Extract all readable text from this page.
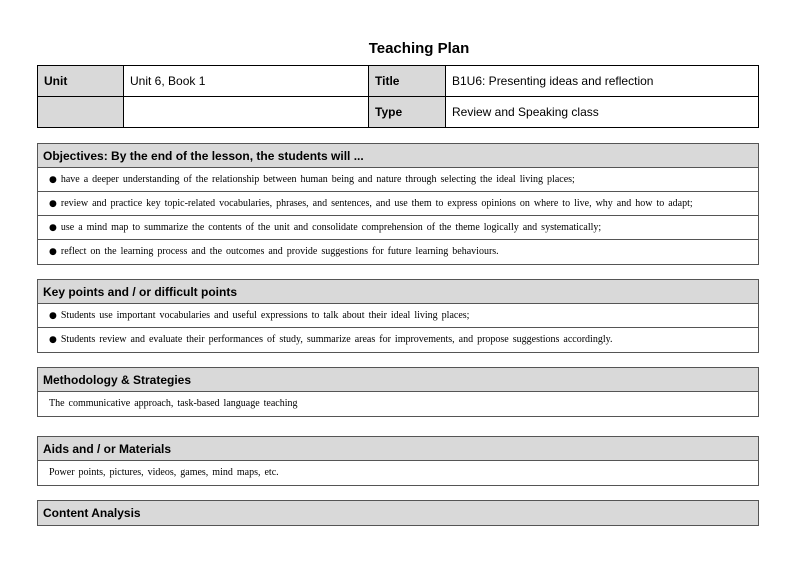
Teaching Plan
Unit	Unit 6, Book 1	Title	B1U6: Presenting ideas and reflection
		Type	Review and Speaking class
Objectives: By the end of the lesson, the students will ...
● have a deeper understanding of the relationship between human being and nature through selecting the ideal living places;
● review and practice key topic-related vocabularies, phrases, and sentences, and use them to express opinions on where to live, why and how to adapt;
● use a mind map to summarize the contents of the unit and consolidate comprehension of the theme logically and systematically;
● reflect on the learning process and the outcomes and provide suggestions for future learning behaviours.
Key points and / or difficult points
● Students use important vocabularies and useful expressions to talk about their ideal living places;
● Students review and evaluate their performances of study, summarize areas for improvements, and propose suggestions accordingly.
Methodology & Strategies
The communicative approach, task-based language teaching
Aids and / or Materials
Power points, pictures, videos, games, mind maps, etc.
Content Analysis
